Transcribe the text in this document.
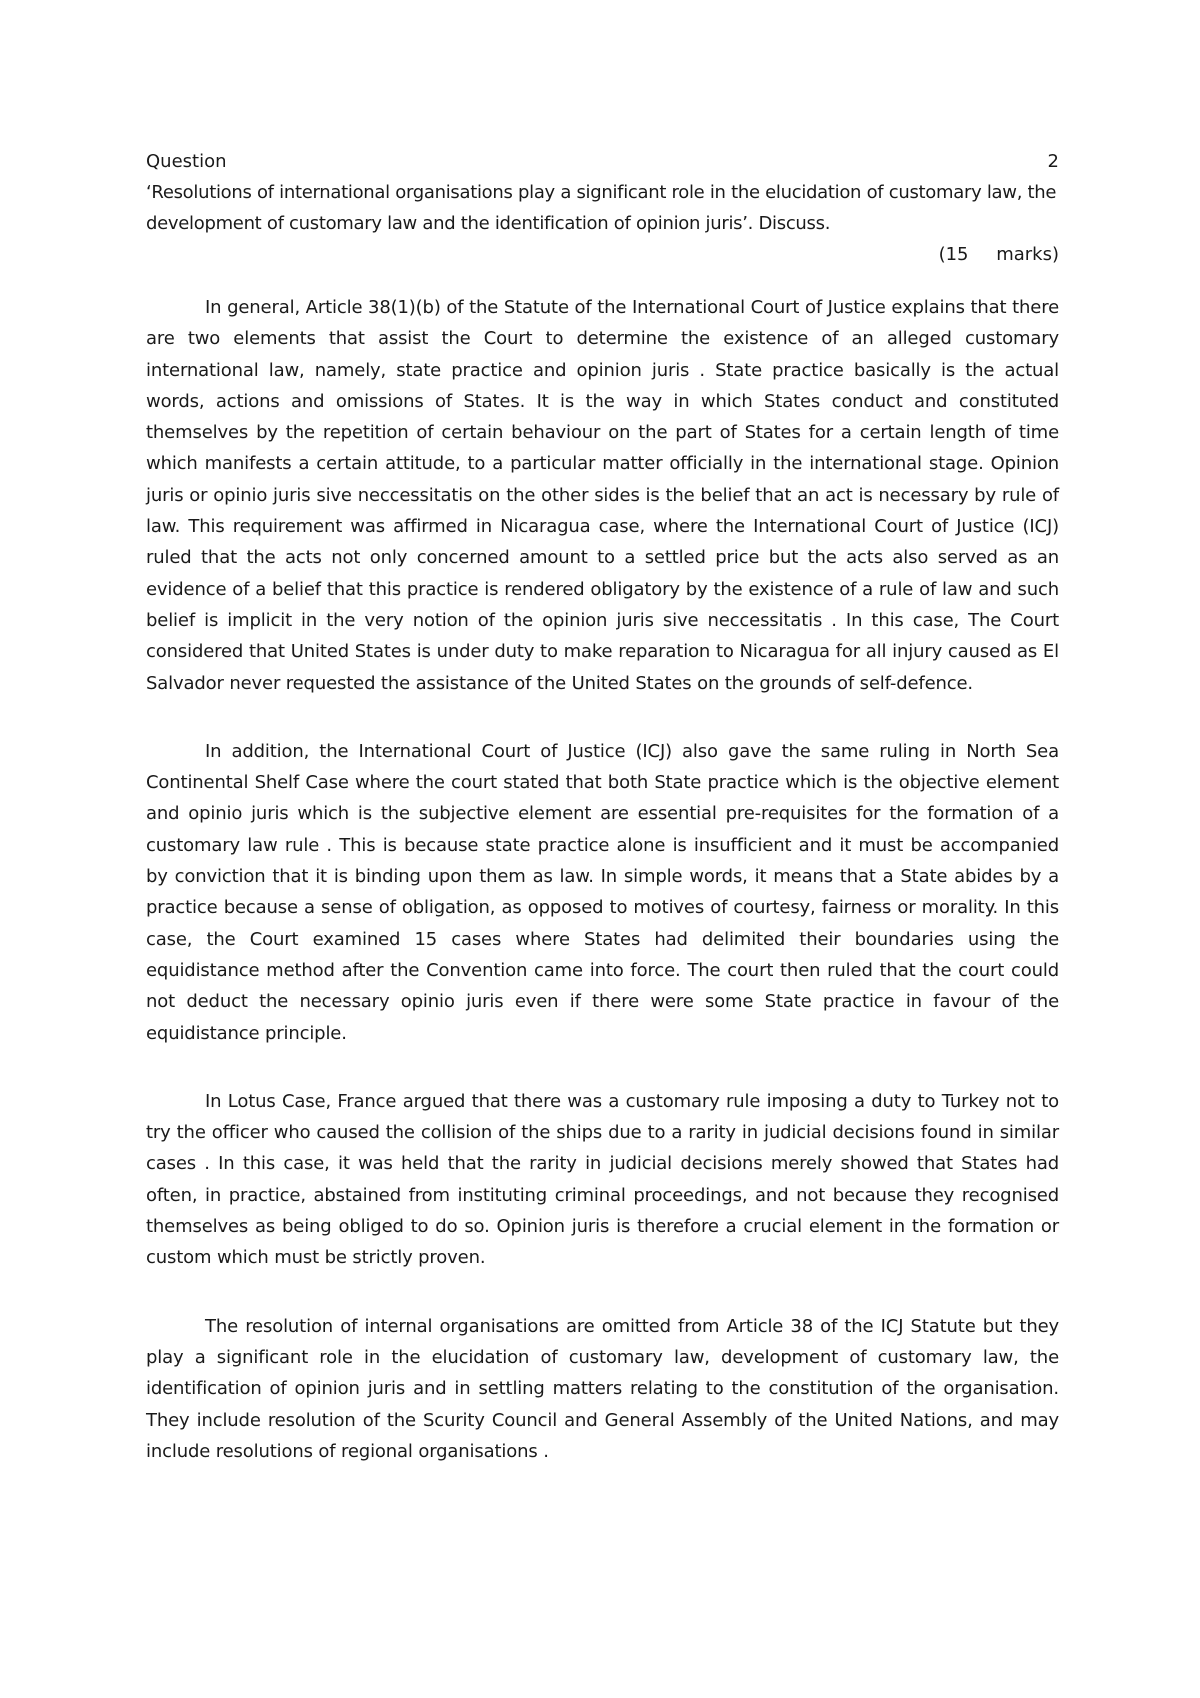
Question	2

‘Resolutions of international organisations play a significant role in the elucidation of customary law, the development of customary law and the identification of opinion juris’. Discuss.

(15 marks)

In general, Article 38(1)(b) of the Statute of the International Court of Justice explains that there are two elements that assist the Court to determine the existence of an alleged customary international law, namely, state practice and opinion juris . State practice basically is the actual words, actions and omissions of States. It is the way in which States conduct and constituted themselves by the repetition of certain behaviour on the part of States for a certain length of time which manifests a certain attitude, to a particular matter officially in the international stage. Opinion juris or opinio juris sive neccessitatis on the other sides is the belief that an act is necessary by rule of law. This requirement was affirmed in Nicaragua case, where the International Court of Justice (ICJ) ruled that the acts not only concerned amount to a settled price but the acts also served as an evidence of a belief that this practice is rendered obligatory by the existence of a rule of law and such belief is implicit in the very notion of the opinion juris sive neccessitatis . In this case, The Court considered that United States is under duty to make reparation to Nicaragua for all injury caused as El Salvador never requested the assistance of the United States on the grounds of self-defence.

In addition, the International Court of Justice (ICJ) also gave the same ruling in North Sea Continental Shelf Case where the court stated that both State practice which is the objective element and opinio juris which is the subjective element are essential pre-requisites for the formation of a customary law rule . This is because state practice alone is insufficient and it must be accompanied by conviction that it is binding upon them as law. In simple words, it means that a State abides by a practice because a sense of obligation, as opposed to motives of courtesy, fairness or morality. In this case, the Court examined 15 cases where States had delimited their boundaries using the equidistance method after the Convention came into force. The court then ruled that the court could not deduct the necessary opinio juris even if there were some State practice in favour of the equidistance principle.

In Lotus Case, France argued that there was a customary rule imposing a duty to Turkey not to try the officer who caused the collision of the ships due to a rarity in judicial decisions found in similar cases . In this case, it was held that the rarity in judicial decisions merely showed that States had often, in practice, abstained from instituting criminal proceedings, and not because they recognised themselves as being obliged to do so. Opinion juris is therefore a crucial element in the formation or custom which must be strictly proven.

The resolution of internal organisations are omitted from Article 38 of the ICJ Statute but they play a significant role in the elucidation of customary law, development of customary law, the identification of opinion juris and in settling matters relating to the constitution of the organisation. They include resolution of the Scurity Council and General Assembly of the United Nations, and may include resolutions of regional organisations .
